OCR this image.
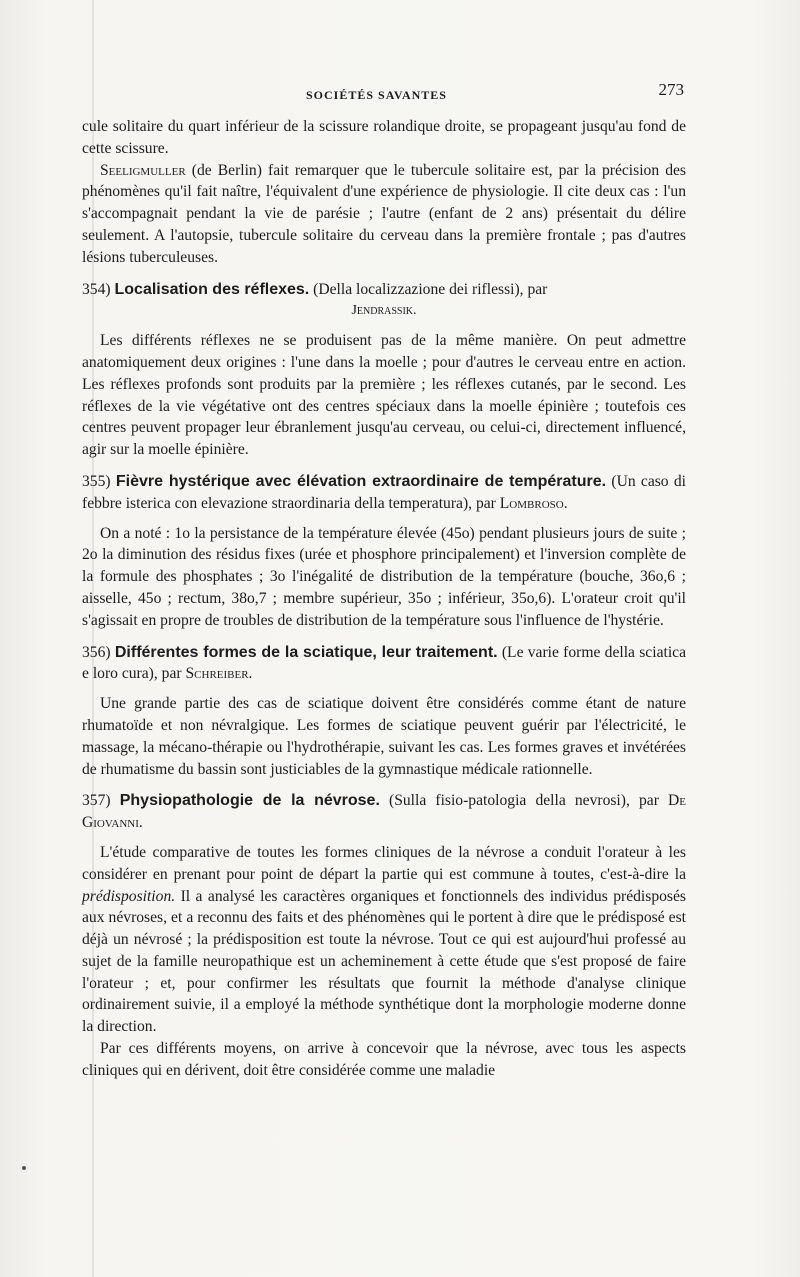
SOCIÉTÉS SAVANTES	273

cule solitaire du quart inférieur de la scissure rolandique droite, se propageant jusqu'au fond de cette scissure.

Seeligmuller (de Berlin) fait remarquer que le tubercule solitaire est, par la précision des phénomènes qu'il fait naître, l'équivalent d'une expérience de physiologie. Il cite deux cas : l'un s'accompagnait pendant la vie de parésie ; l'autre (enfant de 2 ans) présentait du délire seulement. A l'autopsie, tubercule solitaire du cerveau dans la première frontale ; pas d'autres lésions tuberculeuses.

354) Localisation des réflexes. (Della localizzazione dei riflessi), par
Jendrassik.

Les différents réflexes ne se produisent pas de la même manière. On peut admettre anatomiquement deux origines : l'une dans la moelle ; pour d'autres le cerveau entre en action. Les réflexes profonds sont produits par la première ; les réflexes cutanés, par le second. Les réflexes de la vie végétative ont des centres spéciaux dans la moelle épinière ; toutefois ces centres peuvent propager leur ébranlement jusqu'au cerveau, ou celui-ci, directement influencé, agir sur la moelle épinière.

355) Fièvre hystérique avec élévation extraordinaire de température. (Un caso di febbre isterica con elevazione straordinaria della temperatura), par Lombroso.

On a noté : 1o la persistance de la température élevée (45o) pendant plusieurs jours de suite ; 2o la diminution des résidus fixes (urée et phosphore principalement) et l'inversion complète de la formule des phosphates ; 3o l'inégalité de distribution de la température (bouche, 36o,6 ; aisselle, 45o ; rectum, 38o,7 ; membre supérieur, 35o ; inférieur, 35o,6). L'orateur croit qu'il s'agissait en propre de troubles de distribution de la température sous l'influence de l'hystérie.

356) Différentes formes de la sciatique, leur traitement. (Le varie forme della sciatica e loro cura), par Schreiber.

Une grande partie des cas de sciatique doivent être considérés comme étant de nature rhumatoïde et non névralgique. Les formes de sciatique peuvent guérir par l'électricité, le massage, la mécano-thérapie ou l'hydrothérapie, suivant les cas. Les formes graves et invétérées de rhumatisme du bassin sont justiciables de la gymnastique médicale rationnelle.

357) Physiopathologie de la névrose. (Sulla fisio-patologia della nevrosi), par De Giovanni.

L'étude comparative de toutes les formes cliniques de la névrose a conduit l'orateur à les considérer en prenant pour point de départ la partie qui est commune à toutes, c'est-à-dire la prédisposition. Il a analysé les caractères organiques et fonctionnels des individus prédisposés aux névroses, et a reconnu des faits et des phénomènes qui le portent à dire que le prédisposé est déjà un névrosé ; la prédisposition est toute la névrose. Tout ce qui est aujourd'hui professé au sujet de la famille neuropathique est un acheminement à cette étude que s'est proposé de faire l'orateur ; et, pour confirmer les résultats que fournit la méthode d'analyse clinique ordinairement suivie, il a employé la méthode synthétique dont la morphologie moderne donne la direction.

Par ces différents moyens, on arrive à concevoir que la névrose, avec tous les aspects cliniques qui en dérivent, doit être considérée comme une maladie
